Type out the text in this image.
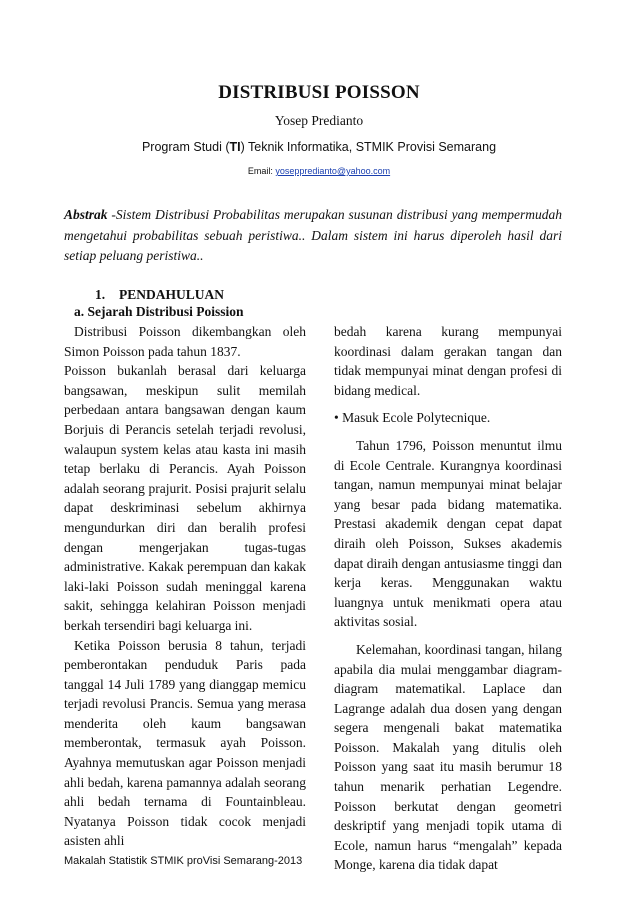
DISTRIBUSI POISSON
Yosep Predianto
Program Studi (TI) Teknik Informatika, STMIK Provisi Semarang
Email: yoseppredianto@yahoo.com

Abstrak -Sistem Distribusi Probabilitas merupakan susunan distribusi yang mempermudah mengetahui probabilitas sebuah peristiwa.. Dalam sistem ini harus diperoleh hasil dari setiap peluang peristiwa..

1. PENDAHULUAN
a. Sejarah Distribusi Poission

Distribusi Poisson dikembangkan oleh Simon Poisson pada tahun 1837.

Poisson bukanlah berasal dari keluarga bangsawan, meskipun sulit memilah perbedaan antara bangsawan dengan kaum Borjuis di Perancis setelah terjadi revolusi, walaupun system kelas atau kasta ini masih tetap berlaku di Perancis. Ayah Poisson adalah seorang prajurit. Posisi prajurit selalu dapat deskriminasi sebelum akhirnya mengundurkan diri dan beralih profesi dengan mengerjakan tugas-tugas administrative. Kakak perempuan dan kakak laki-laki Poisson sudah meninggal karena sakit, sehingga kelahiran Poisson menjadi berkah tersendiri bagi keluarga ini.

Ketika Poisson berusia 8 tahun, terjadi pemberontakan penduduk Paris pada tanggal 14 Juli 1789 yang dianggap memicu terjadi revolusi Prancis. Semua yang merasa menderita oleh kaum bangsawan memberontak, termasuk ayah Poisson. Ayahnya memutuskan agar Poisson menjadi ahli bedah, karena pamannya adalah seorang ahli bedah ternama di Fountainbleau. Nyatanya Poisson tidak cocok menjadi asisten ahli

bedah karena kurang mempunyai koordinasi dalam gerakan tangan dan tidak mempunyai minat dengan profesi di bidang medical.

• Masuk Ecole Polytecnique.

Tahun 1796, Poisson menuntut ilmu di Ecole Centrale. Kurangnya koordinasi tangan, namun mempunyai minat belajar yang besar pada bidang matematika. Prestasi akademik dengan cepat dapat diraih oleh Poisson, Sukses akademis dapat diraih dengan antusiasme tinggi dan kerja keras. Menggunakan waktu luangnya untuk menikmati opera atau aktivitas sosial.

Kelemahan, koordinasi tangan, hilang apabila dia mulai menggambar diagram-diagram matematikal. Laplace dan Lagrange adalah dua dosen yang dengan segera mengenali bakat matematika Poisson. Makalah yang ditulis oleh Poisson yang saat itu masih berumur 18 tahun menarik perhatian Legendre. Poisson berkutat dengan geometri deskriptif yang menjadi topik utama di Ecole, namun harus “mengalah” kepada Monge, karena dia tidak dapat

Makalah Statistik STMIK proVisi Semarang-2013
